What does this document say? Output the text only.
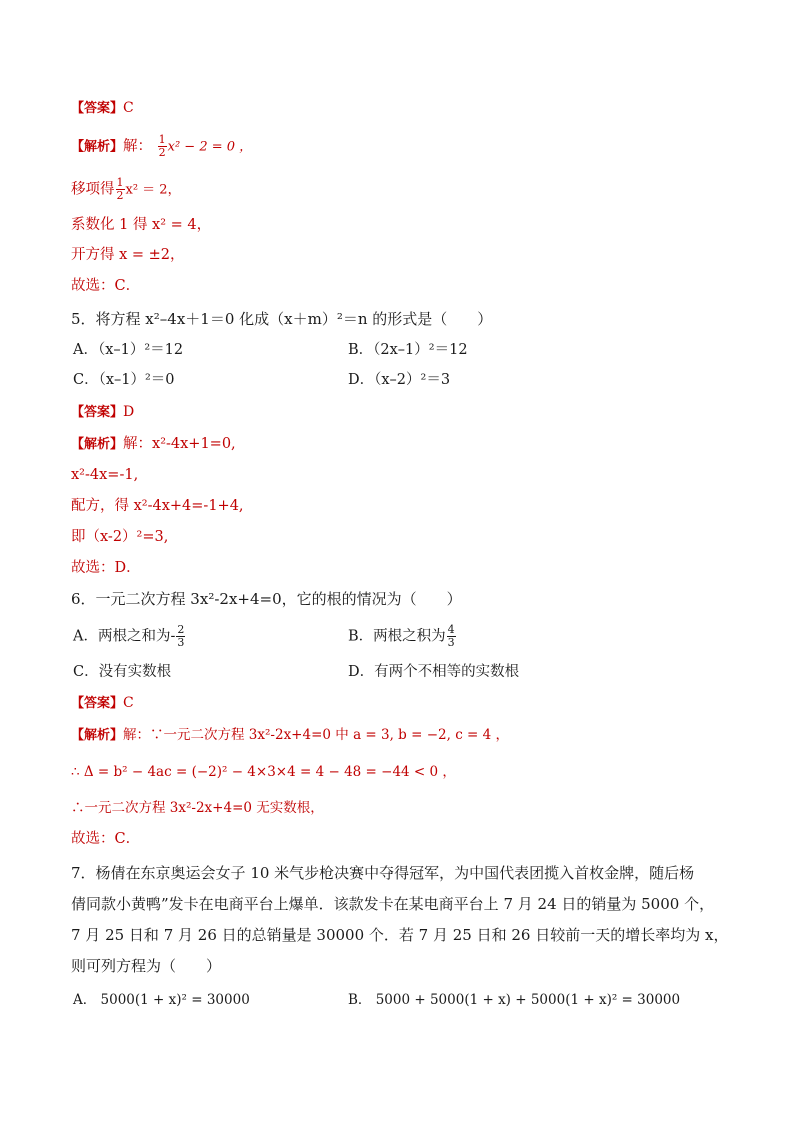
【答案】C
【解析】解： $\frac{1}{2} x^2 - 2 = 0$ ，
移项得 $\frac{1}{2} x^2 = 2$，
系数化 1 得 x² = 4，
开方得 x = ±2，
故选：C．
5．将方程 x²–4x＋1＝0 化成（x＋m）²＝n 的形式是（　　）
A．（x–1）²＝12	B．（2x–1）²＝12
C．（x–1）²＝0	D．（x–2）²＝3
【答案】D
【解析】解：x²-4x+1=0,
x²-4x=-1,
配方，得 x²-4x+4=-1+4,
即（x-2）²=3,
故选：D．
6．一元二次方程 3x²-2x+4=0，它的根的情况为（　　）
A．两根之和为- $\frac{2}{3}$	B．两根之积为 $\frac{4}{3}$
C．没有实数根	D．有两个不相等的实数根
【答案】C
【解析】解：∵一元二次方程 3x²-2x+4=0 中 a = 3, b = −2, c = 4 ，
∴ Δ = b² − 4ac = (−2)² − 4×3×4 = 4 − 48 = −44 < 0 ，
∴一元二次方程 3x²-2x+4=0 无实数根，
故选：C．
7．杨倩在东京奥运会女子 10 米气步枪决赛中夺得冠军，为中国代表团揽入首枚金牌，随后杨
倩同款小黄鸭”发卡在电商平台上爆单．该款发卡在某电商平台上 7 月 24 日的销量为 5000 个，
7 月 25 日和 7 月 26 日的总销量是 30000 个．若 7 月 25 日和 26 日较前一天的增长率均为 x，
则可列方程为（　　）
A． 5000(1 + x)² = 30000	B． 5000 + 5000(1 + x) + 5000(1 + x)² = 30000
